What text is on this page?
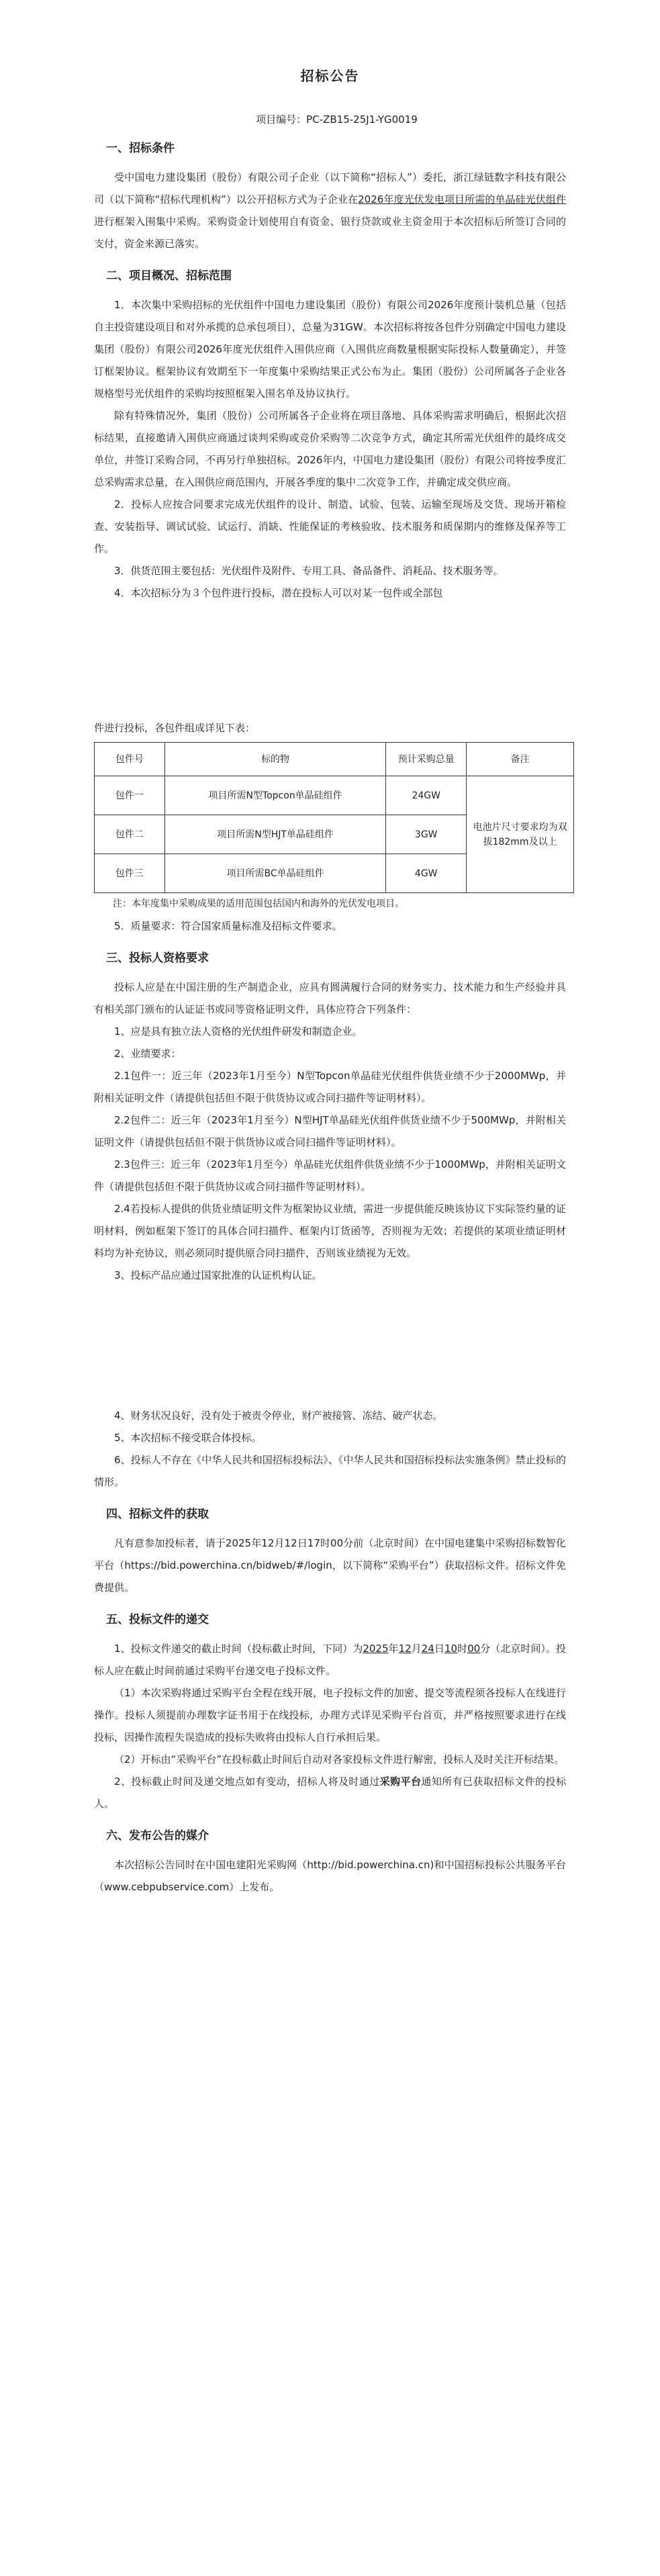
招标公告
项目编号：PC-ZB15-25J1-YG0019
一、招标条件

受中国电力建设集团（股份）有限公司子企业（以下简称“招标人”）委托，浙江绿链数字科技有限公司（以下简称“招标代理机构”）以公开招标方式为子企业在2026年度光伏发电项目所需的单晶硅光伏组件进行框架入围集中采购。采购资金计划使用自有资金、银行贷款或业主资金用于本次招标后所签订合同的支付，资金来源已落实。

二、项目概况、招标范围

1．本次集中采购招标的光伏组件中国电力建设集团（股份）有限公司2026年度预计装机总量（包括自主投资建设项目和对外承揽的总承包项目），总量为31GW。本次招标将按各包件分别确定中国电力建设集团（股份）有限公司2026年度光伏组件入围供应商（入围供应商数量根据实际投标人数量确定），并签订框架协议。框架协议有效期至下一年度集中采购结果正式公布为止。集团（股份）公司所属各子企业各规格型号光伏组件的采购均按照框架入围名单及协议执行。

除有特殊情况外，集团（股份）公司所属各子企业将在项目落地、具体采购需求明确后，根据此次招标结果，直接邀请入围供应商通过谈判采购或竞价采购等二次竞争方式，确定其所需光伏组件的最终成交单位，并签订采购合同，不再另行单独招标。2026年内，中国电力建设集团（股份）有限公司将按季度汇总采购需求总量，在入围供应商范围内，开展各季度的集中二次竞争工作，并确定成交供应商。

2．投标人应按合同要求完成光伏组件的设计、制造、试验、包装、运输至现场及交货、现场开箱检查、安装指导、调试试验、试运行、消缺、性能保证的考核验收、技术服务和质保期内的维修及保养等工作。

3．供货范围主要包括：光伏组件及附件、专用工具、备品备件、消耗品、技术服务等。

4．本次招标分为３个包件进行投标，潜在投标人可以对某一包件或全部包

件进行投标，各包件组成详见下表：

包件号	标的物	预计采购总量	备注
包件一	项目所需N型Topcon单晶硅组件	24GW	电池片尺寸要求均为双拔182mm及以上
包件二	项目所需N型HJT单晶硅组件	3GW	
包件三	项目所需BC单晶硅组件	4GW	

注：本年度集中采购成果的适用范围包括国内和海外的光伏发电项目。

5．质量要求：符合国家质量标准及招标文件要求。

三、投标人资格要求

投标人应是在中国注册的生产制造企业，应具有圆满履行合同的财务实力、技术能力和生产经验并具有相关部门颁布的认证证书或同等资格证明文件，具体应符合下列条件：

1、应是具有独立法人资格的光伏组件研发和制造企业。

2、业绩要求：

2.1包件一：近三年（2023年1月至今）N型Topcon单晶硅光伏组件供货业绩不少于2000MWp，并附相关证明文件（请提供包括但不限于供货协议或合同扫描件等证明材料）。

2.2包件二：近三年（2023年1月至今）N型HJT单晶硅光伏组件供货业绩不少于500MWp，并附相关证明文件（请提供包括但不限于供货协议或合同扫描件等证明材料）。

2.3包件三：近三年（2023年1月至今）单晶硅光伏组件供货业绩不少于1000MWp，并附相关证明文件（请提供包括但不限于供货协议或合同扫描件等证明材料）。

2.4若投标人提供的供货业绩证明文件为框架协议业绩，需进一步提供能反映该协议下实际签约量的证明材料，例如框架下签订的具体合同扫描件、框架内订货函等，否则视为无效；若提供的某项业绩证明材料均为补充协议，则必须同时提供原合同扫描件，否则该业绩视为无效。

3、投标产品应通过国家批准的认证机构认证。

4、财务状况良好，没有处于被责令停业，财产被接管、冻结、破产状态。

5、本次招标不接受联合体投标。

6、投标人不存在《中华人民共和国招标投标法》、《中华人民共和国招标投标法实施条例》禁止投标的情形。

四、招标文件的获取

凡有意参加投标者，请于2025年12月12日17时00分前（北京时间）在中国电建集中采购招标数智化平台（https://bid.powerchina.cn/bidweb/#/login，以下简称“采购平台”）获取招标文件。招标文件免费提供。

五、投标文件的递交

1、投标文件递交的截止时间（投标截止时间，下同）为2025年12月24日10时00分（北京时间）。投标人应在截止时间前通过采购平台递交电子投标文件。

（1）本次采购将通过采购平台全程在线开展，电子投标文件的加密、提交等流程须各投标人在线进行操作。投标人须提前办理数字证书用于在线投标，办理方式详见采购平台首页，并严格按照要求进行在线投标，因操作流程失误造成的投标失败将由投标人自行承担后果。

（2）开标由“采购平台”在投标截止时间后自动对各家投标文件进行解密，投标人及时关注开标结果。

2、投标截止时间及递交地点如有变动，招标人将及时通过采购平台通知所有已获取招标文件的投标人。

六、发布公告的媒介

本次招标公告同时在中国电建阳光采购网（http://bid.powerchina.cn)和中国招标投标公共服务平台（www.cebpubservice.com）上发布。
